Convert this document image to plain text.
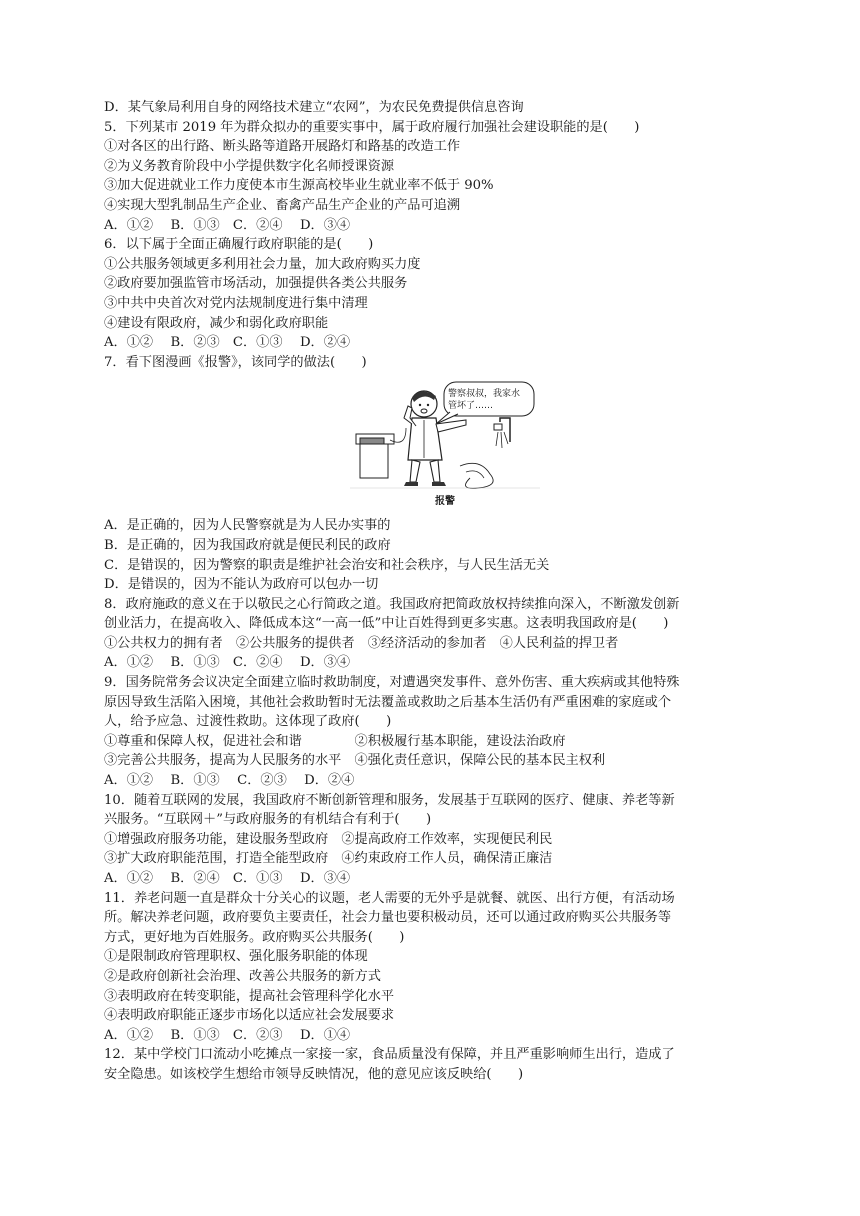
D．某气象局利用自身的网络技术建立“农网”，为农民免费提供信息咨询
5．下列某市 2019 年为群众拟办的重要实事中，属于政府履行加强社会建设职能的是(　　)
①对各区的出行路、断头路等道路开展路灯和路基的改造工作
②为义务教育阶段中小学提供数字化名师授课资源
③加大促进就业工作力度使本市生源高校毕业生就业率不低于 90%
④实现大型乳制品生产企业、畜禽产品生产企业的产品可追溯
A．①②　 B．①③　C．②④　 D．③④
6．以下属于全面正确履行政府职能的是(　　)
①公共服务领域更多利用社会力量，加大政府购买力度
②政府要加强监管市场活动，加强提供各类公共服务
③中共中央首次对党内法规制度进行集中清理
④建设有限政府，减少和弱化政府职能
A．①②　 B．②③　C．①③　 D．②④
7．看下图漫画《报警》，该同学的做法(　　)
警察叔叔，我家水管坏了……
报警
A．是正确的，因为人民警察就是为人民办实事的
B．是正确的，因为我国政府就是便民利民的政府
C．是错误的，因为警察的职责是维护社会治安和社会秩序，与人民生活无关
D．是错误的，因为不能认为政府可以包办一切
8．政府施政的意义在于以敬民之心行简政之道。我国政府把简政放权持续推向深入，不断激发创新
创业活力，在提高收入、降低成本这“一高一低”中让百姓得到更多实惠。这表明我国政府是(　　)
①公共权力的拥有者　②公共服务的提供者　③经济活动的参加者　④人民利益的捍卫者
A．①②　 B．①③　C．②④　 D．③④
9．国务院常务会议决定全面建立临时救助制度，对遭遇突发事件、意外伤害、重大疾病或其他特殊
原因导致生活陷入困境，其他社会救助暂时无法覆盖或救助之后基本生活仍有严重困难的家庭或个
人，给予应急、过渡性救助。这体现了政府(　　)
①尊重和保障人权，促进社会和谐　　　　②积极履行基本职能，建设法治政府
③完善公共服务，提高为人民服务的水平　④强化责任意识，保障公民的基本民主权利
A．①②　 B．①③　 C．②③　 D．②④
10．随着互联网的发展，我国政府不断创新管理和服务，发展基于互联网的医疗、健康、养老等新
兴服务。“互联网＋”与政府服务的有机结合有利于(　　)
①增强政府服务功能，建设服务型政府　②提高政府工作效率，实现便民利民
③扩大政府职能范围，打造全能型政府　④约束政府工作人员，确保清正廉洁
A．①②　 B．②④　C．①③　 D．③④
11．养老问题一直是群众十分关心的议题，老人需要的无外乎是就餐、就医、出行方便，有活动场
所。解决养老问题，政府要负主要责任，社会力量也要积极动员，还可以通过政府购买公共服务等
方式，更好地为百姓服务。政府购买公共服务(　　)
①是限制政府管理职权、强化服务职能的体现
②是政府创新社会治理、改善公共服务的新方式
③表明政府在转变职能，提高社会管理科学化水平
④表明政府职能正逐步市场化以适应社会发展要求
A．①②　 B．①③　C．②③　 D．①④
12．某中学校门口流动小吃摊点一家接一家，食品质量没有保障，并且严重影响师生出行，造成了
安全隐患。如该校学生想给市领导反映情况，他的意见应该反映给(　　)
